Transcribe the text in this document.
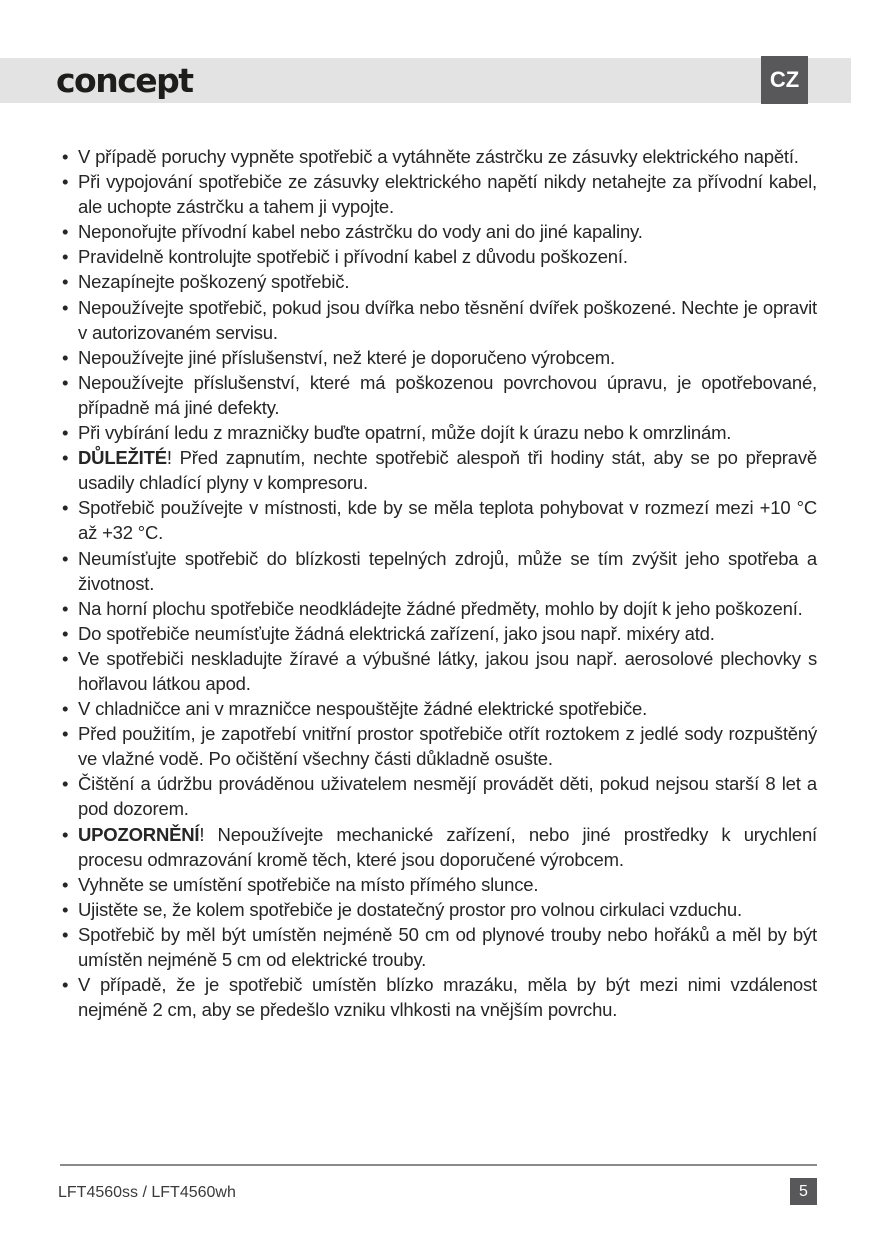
concept	CZ
• V případě poruchy vypněte spotřebič a vytáhněte zástrčku ze zásuvky elektrického napětí.
• Při vypojování spotřebiče ze zásuvky elektrického napětí nikdy netahejte za přívodní kabel, ale uchopte zástrčku a tahem ji vypojte.
• Neponořujte přívodní kabel nebo zástrčku do vody ani do jiné kapaliny.
• Pravidelně kontrolujte spotřebič i přívodní kabel z důvodu poškození.
• Nezapínejte poškozený spotřebič.
• Nepoužívejte spotřebič, pokud jsou dvířka nebo těsnění dvířek poškozené. Nechte je opravit v autorizovaném servisu.
• Nepoužívejte jiné příslušenství, než které je doporučeno výrobcem.
• Nepoužívejte příslušenství, které má poškozenou povrchovou úpravu, je opotřebované, případně má jiné defekty.
• Při vybírání ledu z mrazničky buďte opatrní, může dojít k úrazu nebo k omrzlinám.
• DŮLEŽITÉ! Před zapnutím, nechte spotřebič alespoň tři hodiny stát, aby se po přepravě usadily chladící plyny v kompresoru.
• Spotřebič používejte v místnosti, kde by se měla teplota pohybovat v rozmezí mezi +10 °C až +32 °C.
• Neumísťujte spotřebič do blízkosti tepelných zdrojů, může se tím zvýšit jeho spotřeba a životnost.
• Na horní plochu spotřebiče neodkládejte žádné předměty, mohlo by dojít k jeho poškození.
• Do spotřebiče neumísťujte žádná elektrická zařízení, jako jsou např. mixéry atd.
• Ve spotřebiči neskladujte žíravé a výbušné látky, jakou jsou např. aerosolové plechovky s hořlavou látkou apod.
• V chladničce ani v mrazničce nespouštějte žádné elektrické spotřebiče.
• Před použitím, je zapotřebí vnitřní prostor spotřebiče otřít roztokem z jedlé sody rozpuštěný ve vlažné vodě. Po očištění všechny části důkladně osušte.
• Čištění a údržbu prováděnou uživatelem nesmějí provádět děti, pokud nejsou starší 8 let a pod dozorem.
• UPOZORNĚNÍ! Nepoužívejte mechanické zařízení, nebo jiné prostředky k urychlení procesu odmrazování kromě těch, které jsou doporučené výrobcem.
• Vyhněte se umístění spotřebiče na místo přímého slunce.
• Ujistěte se, že kolem spotřebiče je dostatečný prostor pro volnou cirkulaci vzduchu.
• Spotřebič by měl být umístěn nejméně 50 cm od plynové trouby nebo hořáků a měl by být umístěn nejméně 5 cm od elektrické trouby.
• V případě, že je spotřebič umístěn blízko mrazáku, měla by být mezi nimi vzdálenost nejméně 2 cm, aby se předešlo vzniku vlhkosti na vnějším povrchu.
LFT4560ss / LFT4560wh	5
